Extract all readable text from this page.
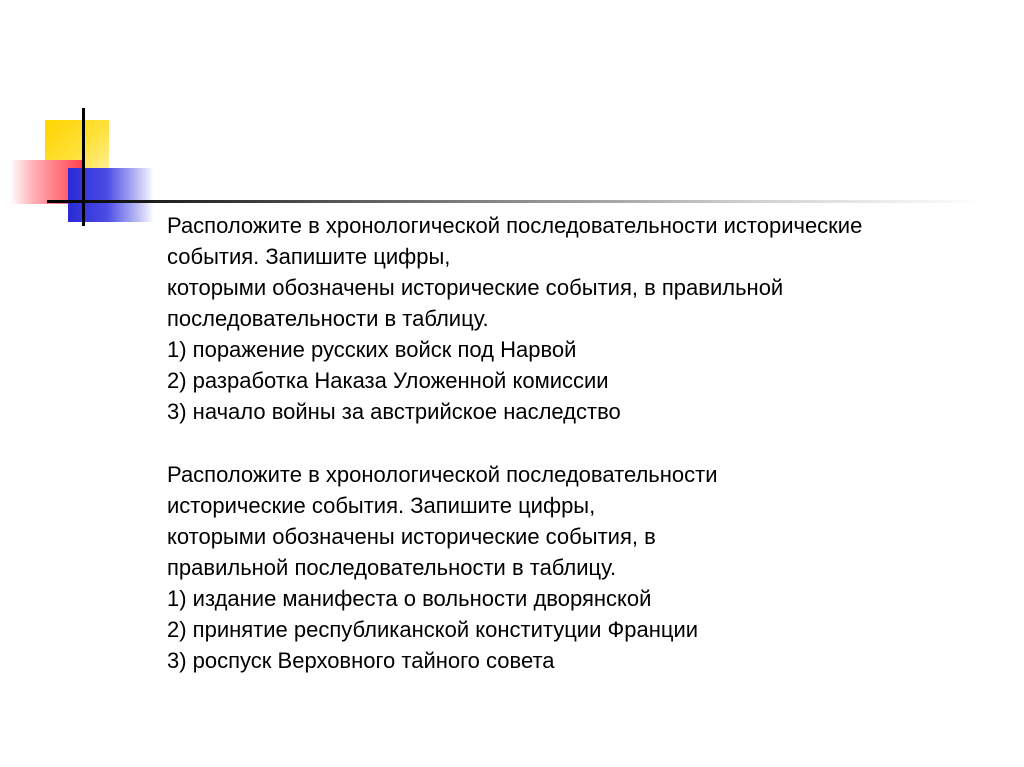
Расположите в хронологической последовательности исторические
события. Запишите цифры,
которыми обозначены исторические события, в правильной
последовательности в таблицу.
1) поражение русских войск под Нарвой
2) разработка Наказа Уложенной комиссии
3) начало войны за австрийское наследство

Расположите в хронологической последовательности
исторические события. Запишите цифры,
которыми обозначены исторические события, в
правильной последовательности в таблицу.
1) издание манифеста о вольности дворянской
2) принятие республиканской конституции Франции
3) роспуск Верховного тайного совета
